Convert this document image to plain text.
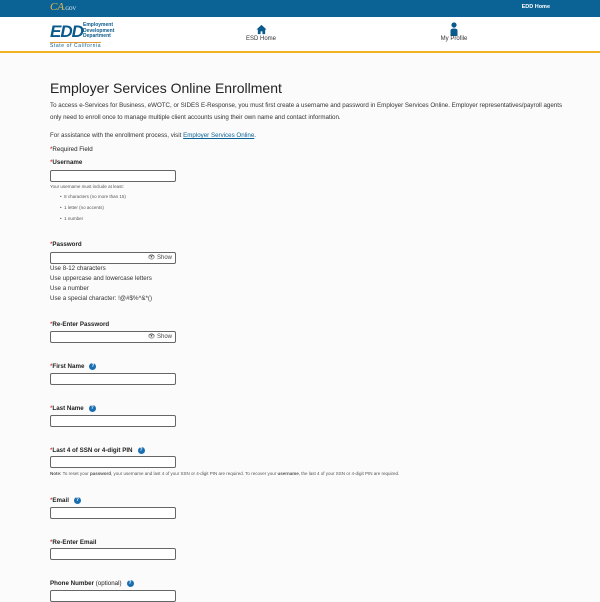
CA.GOV	EDD Home
EDD Employment
Development
Department
State of California
ESD Home	My Profile
Employer Services Online Enrollment

To access e-Services for Business, eWOTC, or SIDES E-Response, you must first create a username and password in Employer Services Online. Employer representatives/payroll agents only need to enroll once to manage multiple client accounts using their own name and contact information.

For assistance with the enrollment process, visit Employer Services Online.

*Required Field
*Username
Your username must include at least:
•  8 characters (no more than 15)
•  1 letter (no accents)
•  1 number
*Password
👁 Show
Use 8-12 characters
Use uppercase and lowercase letters
Use a number
Use a special character: !@#$%^&*()
*Re-Enter Password
👁 Show
*First Name ?
*Last Name ?
*Last 4 of SSN or 4-digit PIN ?
Note: To reset your password, your username and last 4 of your SSN or 4-digit PIN are required. To recover your username, the last 4 of your SSN or 4-digit PIN are required.
*Email ?
*Re-Enter Email
Phone Number (optional) ?
